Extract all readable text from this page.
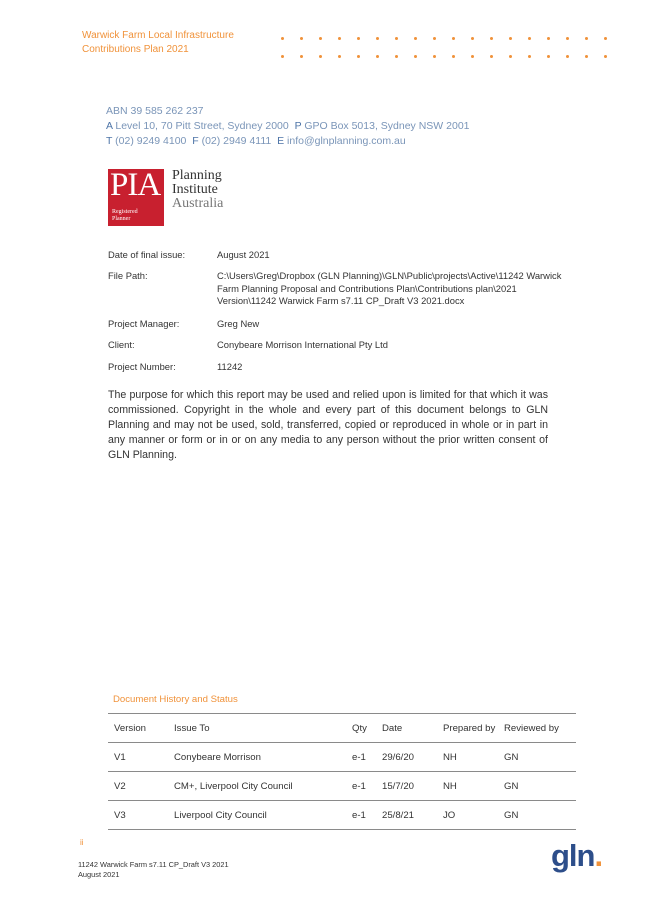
Warwick Farm Local Infrastructure
Contributions Plan 2021
ABN 39 585 262 237
A Level 10, 70 Pitt Street, Sydney 2000 P GPO Box 5013, Sydney NSW 2001
T (02) 9249 4100 F (02) 2949 4111 E info@glnplanning.com.au
PIA
Registered
Planner
Planning
Institute
Australia
Date of final issue:	August 2021
File Path:	C:\Users\Greg\Dropbox (GLN Planning)\GLN\Public\projects\Active\11242 Warwick Farm Planning Proposal and Contributions Plan\Contributions plan\2021 Version\11242 Warwick Farm s7.11 CP_Draft V3 2021.docx
Project Manager:	Greg New
Client:	Conybeare Morrison International Pty Ltd
Project Number:	11242
The purpose for which this report may be used and relied upon is limited for that which it was commissioned. Copyright in the whole and every part of this document belongs to GLN Planning and may not be used, sold, transferred, copied or reproduced in whole or in part in any manner or form or in or on any media to any person without the prior written consent of GLN Planning.
Document History and Status
Version	Issue To	Qty	Date	Prepared by	Reviewed by
V1	Conybeare Morrison	e-1	29/6/20	NH	GN
V2	CM+, Liverpool City Council	e-1	15/7/20	NH	GN
V3	Liverpool City Council	e-1	25/8/21	JO	GN
ii
11242 Warwick Farm s7.11 CP_Draft V3 2021
August 2021
gln.
